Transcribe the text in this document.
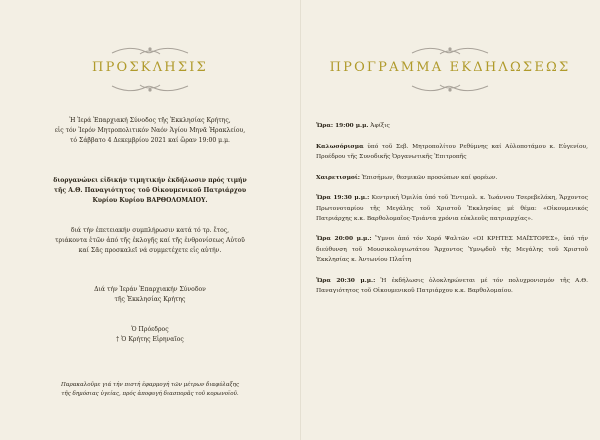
ΠΡΟΣΚΛΗΣΙΣ

Ἡ Ἱερά Ἐπαρχιακή Σύνοδος τῆς Ἐκκλησίας Κρήτης,

εἰς τόν Ἱερόν Μητροπολιτικόν Ναόν Ἁγίου Μηνᾶ Ἡρακλείου,

τό Σάββατο 4 Δεκεμβρίου 2021 καί ὥραν 19:00 μ.μ.

διοργανώνει εἰδικήν τιμητικήν ἐκδήλωσιν πρός τιμήν

τῆς Α.Θ. Παναγιότητος τοῦ Οἰκουμενικοῦ Πατριάρχου

Κυρίου Κυρίου ΒΑΡΘΟΛΟΜΑΙΟΥ.

διά τήν ἐπετειακήν συμπλήρωσιν κατά τό τρ. ἔτος,

τριάκοντα ἐτῶν ἀπό τῆς ἐκλογῆς καί τῆς ἐνθρονίσεως Αὐτοῦ

καί Σᾶς προσκαλεῖ νά συμμετέχετε εἰς αὐτήν.

Διά τήν Ἱεράν Ἐπαρχιακήν Σύνοδον

τῆς Ἐκκλησίας Κρήτης

Ὁ Πρόεδρος

† Ὁ Κρήτης Εἰρηναῖος

Παρακαλοῦμε γιά τήν πιστή ἐφαρμογή τῶν μέτρων διαφύλαξης

τῆς δημόσιας ὑγείας, πρός ἀποφυγή διασπορᾶς τοῦ κορωνοϊοῦ.

ΠΡΟΓΡΑΜΜΑ ΕΚΔΗΛΩΣΕΩΣ

Ὥρα: 19:00 μ.μ. Ἀφίξις

Καλωσόρισμα ὑπό τοῦ Σεβ. Μητροπολίτου Ρεθύμνης καί Αὐλοποτάμου κ. Εὐγενίου, Προέδρου τῆς Συνοδικῆς Ὀργανωτικῆς Ἐπιτροπῆς

Χαιρετισμοί: Ἐπισήμων, θεσμικῶν προσώπων καί φορέων.

Ὥρα 19:30 μ.μ.: Κεντρική Ὁμιλία ὑπό τοῦ Ἐντιμολ. κ. Ἰωάννου Τσερεβελάκη, Ἄρχοντος Πρωτονοταρίου τῆς Μεγάλης τοῦ Χριστοῦ Ἐκκλησίας μέ θέμα: «Οἰκουμενικός Πατριάρχης κ.κ. Βαρθολομαῖος·Τριάντα χρόνια εὐκλεοῦς πατριαρχίας».

Ὥρα 20:00 μ.μ.: Ὕμνοι ἀπό τόν Χορό Ψαλτῶν «ΟΙ ΚΡΗΤΕΣ ΜΑΪΣΤΟΡΕΣ», ὑπό τήν διεύθυνση τοῦ Μουσικολογιωτάτου Ἄρχοντος Ὑμνῳδοῦ τῆς Μεγάλης τοῦ Χριστοῦ Ἐκκλησίας κ. Ἀντωνίου Πλαΐτη

Ὥρα 20:30 μ.μ.: Ἡ ἐκδήλωσις ὁλοκληρώνεται μέ τόν πολυχρονισμόν τῆς Α.Θ. Παναγιότητος τοῦ Οἰκουμενικοῦ Πατριάρχου κ.κ. Βαρθολομαίου.
